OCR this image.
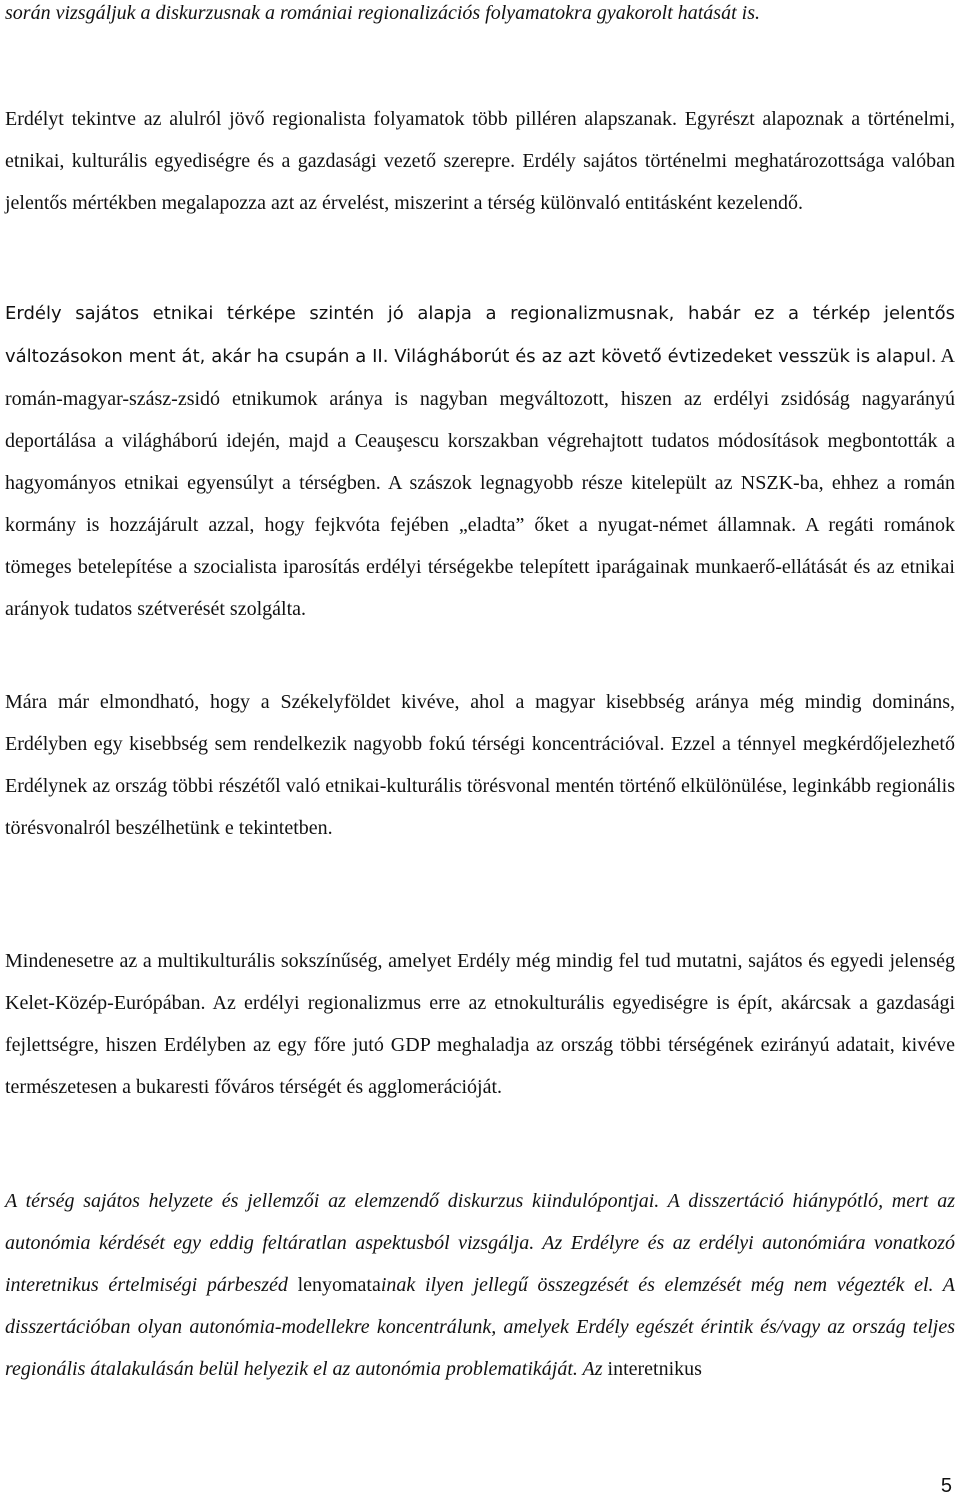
során vizsgáljuk a diskurzusnak a romániai regionalizációs folyamatokra gyakorolt hatását is.

Erdélyt tekintve az alulról jövő regionalista folyamatok több pilléren alapszanak. Egyrészt alapoznak a történelmi, etnikai, kulturális egyediségre és a gazdasági vezető szerepre. Erdély sajátos történelmi meghatározottsága valóban jelentős mértékben megalapozza azt az érvelést, miszerint a térség különvaló entitásként kezelendő.

Erdély sajátos etnikai térképe szintén jó alapja a regionalizmusnak, habár ez a térkép jelentős változásokon ment át, akár ha csupán a II. Világháborút és az azt követő évtizedeket vesszük is alapul. A román-magyar-szász-zsidó etnikumok aránya is nagyban megváltozott, hiszen az erdélyi zsidóság nagyarányú deportálása a világháború idején, majd a Ceauşescu korszakban végrehajtott tudatos módosítások megbontották a hagyományos etnikai egyensúlyt a térségben. A szászok legnagyobb része kitelepült az NSZK-ba, ehhez a román kormány is hozzájárult azzal, hogy fejkvóta fejében „eladta” őket a nyugat-német államnak. A regáti románok tömeges betelepítése a szocialista iparosítás erdélyi térségekbe telepített iparágainak munkaerő-ellátását és az etnikai arányok tudatos szétverését szolgálta.

Mára már elmondható, hogy a Székelyföldet kivéve, ahol a magyar kisebbség aránya még mindig domináns, Erdélyben egy kisebbség sem rendelkezik nagyobb fokú térségi koncentrációval. Ezzel a ténnyel megkérdőjelezhető Erdélynek az ország többi részétől való etnikai-kulturális törésvonal mentén történő elkülönülése, leginkább regionális törésvonalról beszélhetünk e tekintetben.

Mindenesetre az a multikulturális sokszínűség, amelyet Erdély még mindig fel tud mutatni, sajátos és egyedi jelenség Kelet-Közép-Európában. Az erdélyi regionalizmus erre az etnokulturális egyediségre is épít, akárcsak a gazdasági fejlettségre, hiszen Erdélyben az egy főre jutó GDP meghaladja az ország többi térségének ezirányú adatait, kivéve természetesen a bukaresti főváros térségét és agglomerációját.

A térség sajátos helyzete és jellemzői az elemzendő diskurzus kiindulópontjai. A disszertáció hiánypótló, mert az autonómia kérdését egy eddig feltáratlan aspektusból vizsgálja. Az Erdélyre és az erdélyi autonómiára vonatkozó interetnikus értelmiségi párbeszéd lenyomatainak ilyen jellegű összegzését és elemzését még nem végezték el. A disszertációban olyan autonómia-modellekre koncentrálunk, amelyek Erdély egészét érintik és/vagy az ország teljes regionális átalakulásán belül helyezik el az autonómia problematikáját. Az interetnikus

5
